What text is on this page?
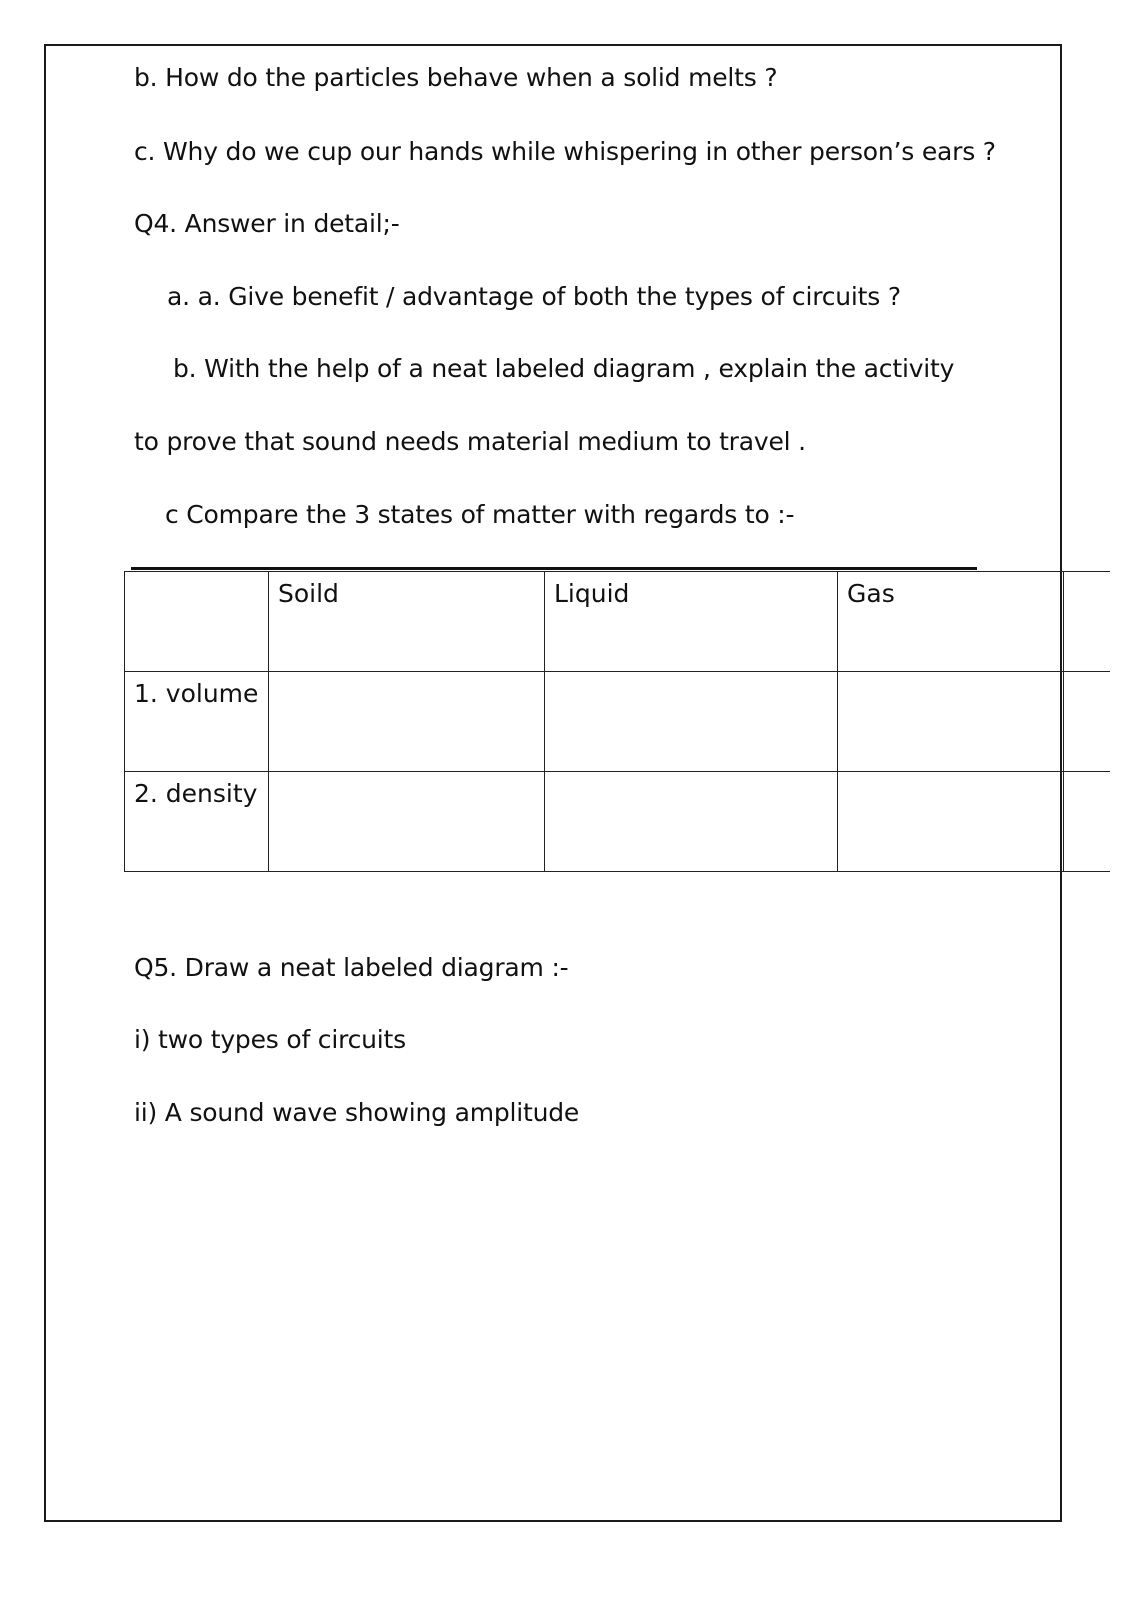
b. How do the particles behave when a solid melts ?
c. Why do we cup our hands while whispering in other person’s ears ?
Q4. Answer in detail;-
a. a. Give benefit / advantage of both the types of circuits ?
b. With the help of a neat labeled diagram , explain the activity
to prove that sound needs material medium to travel .
c Compare the 3 states of matter with regards to :-
	Soild	Liquid	Gas	
1. volume				
2. density				
Q5. Draw a neat labeled diagram :-
i) two types of circuits
ii) A sound wave showing amplitude
